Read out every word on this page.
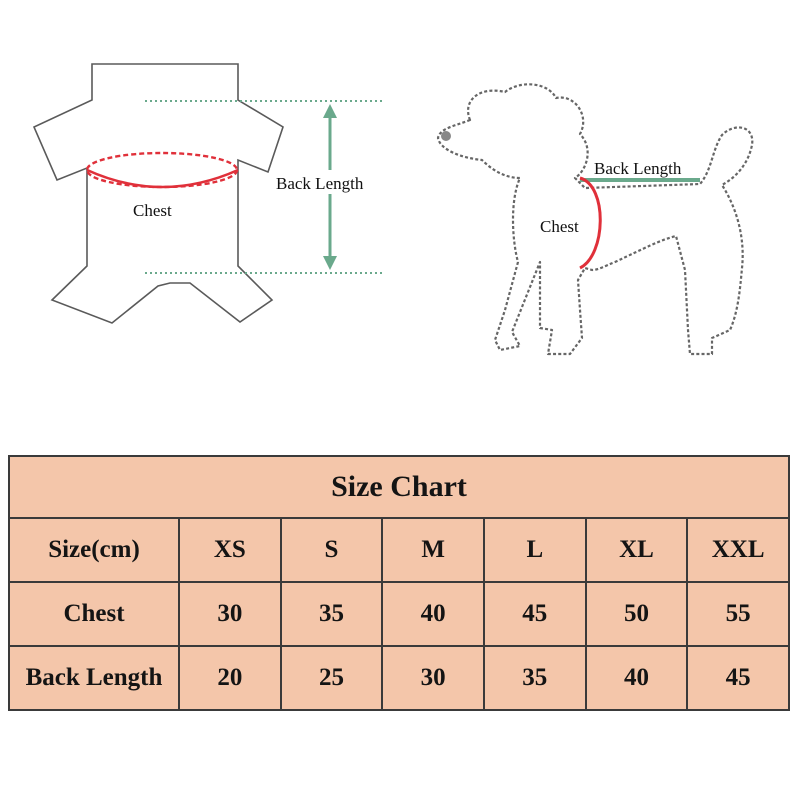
Chest
Back Length
Back Length
Chest
Size Chart						
Size(cm)	XS	S	M	L	XL	XXL
Chest	30	35	40	45	50	55
Back Length	20	25	30	35	40	45
